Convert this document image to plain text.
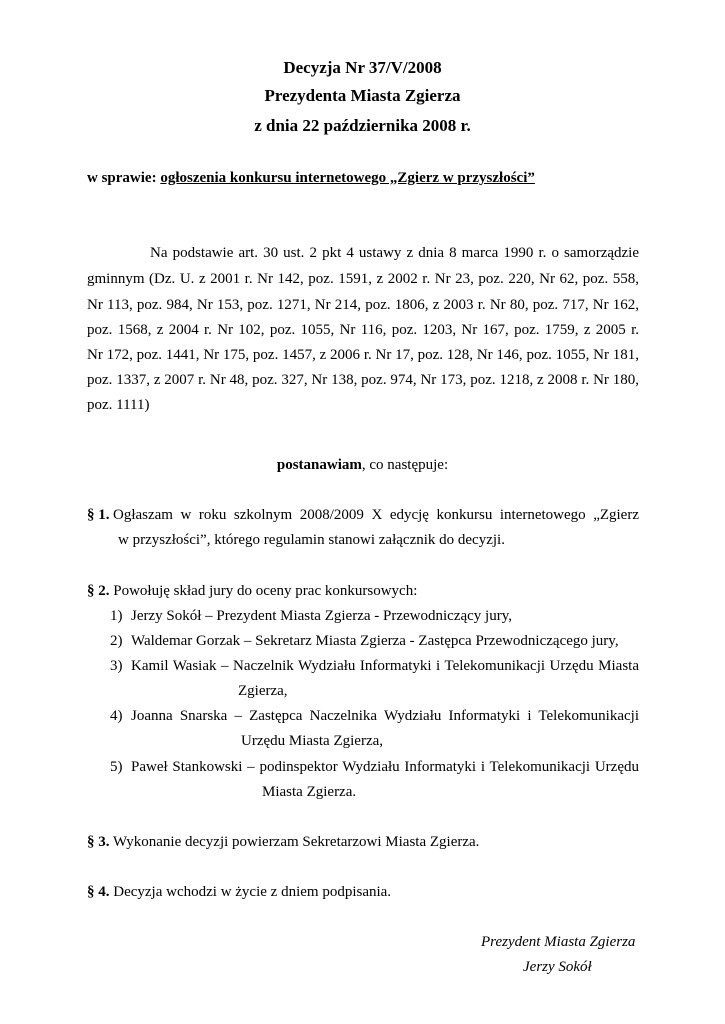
Decyzja Nr 37/V/2008

Prezydenta Miasta Zgierza

z dnia 22 października 2008 r.

w sprawie: ogłoszenia konkursu internetowego „Zgierz w przyszłości”

Na podstawie art. 30 ust. 2 pkt 4 ustawy z dnia 8 marca 1990 r. o samorządzie

gminnym (Dz. U. z 2001 r. Nr 142, poz. 1591, z 2002 r. Nr 23, poz. 220, Nr 62, poz. 558,

Nr 113, poz. 984, Nr 153, poz. 1271, Nr 214, poz. 1806, z 2003 r. Nr 80, poz. 717, Nr 162,

poz. 1568, z 2004 r. Nr 102, poz. 1055, Nr 116, poz. 1203, Nr 167, poz. 1759, z 2005 r.

Nr 172, poz. 1441, Nr 175, poz. 1457, z 2006 r. Nr 17, poz. 128, Nr 146, poz. 1055, Nr 181,

poz. 1337, z 2007 r. Nr 48, poz. 327, Nr 138, poz. 974, Nr 173, poz. 1218, z 2008 r. Nr 180,

poz. 1111)

postanawiam, co następuje:

§ 1. Ogłaszam w roku szkolnym 2008/2009 X edycję konkursu internetowego „Zgierz

w przyszłości”, którego regulamin stanowi załącznik do decyzji.

§ 2. Powołuję skład jury do oceny prac konkursowych:

1) Jerzy Sokół – Prezydent Miasta Zgierza - Przewodniczący jury,

2) Waldemar Gorzak – Sekretarz Miasta Zgierza - Zastępca Przewodniczącego jury,

3) Kamil Wasiak – Naczelnik Wydziału Informatyki i Telekomunikacji Urzędu Miasta

Zgierza,

4) Joanna Snarska – Zastępca Naczelnika Wydziału Informatyki i Telekomunikacji

Urzędu Miasta Zgierza,

5) Paweł Stankowski – podinspektor Wydziału Informatyki i Telekomunikacji Urzędu

Miasta Zgierza.

§ 3. Wykonanie decyzji powierzam Sekretarzowi Miasta Zgierza.

§ 4. Decyzja wchodzi w życie z dniem podpisania.

Prezydent Miasta Zgierza

Jerzy Sokół
